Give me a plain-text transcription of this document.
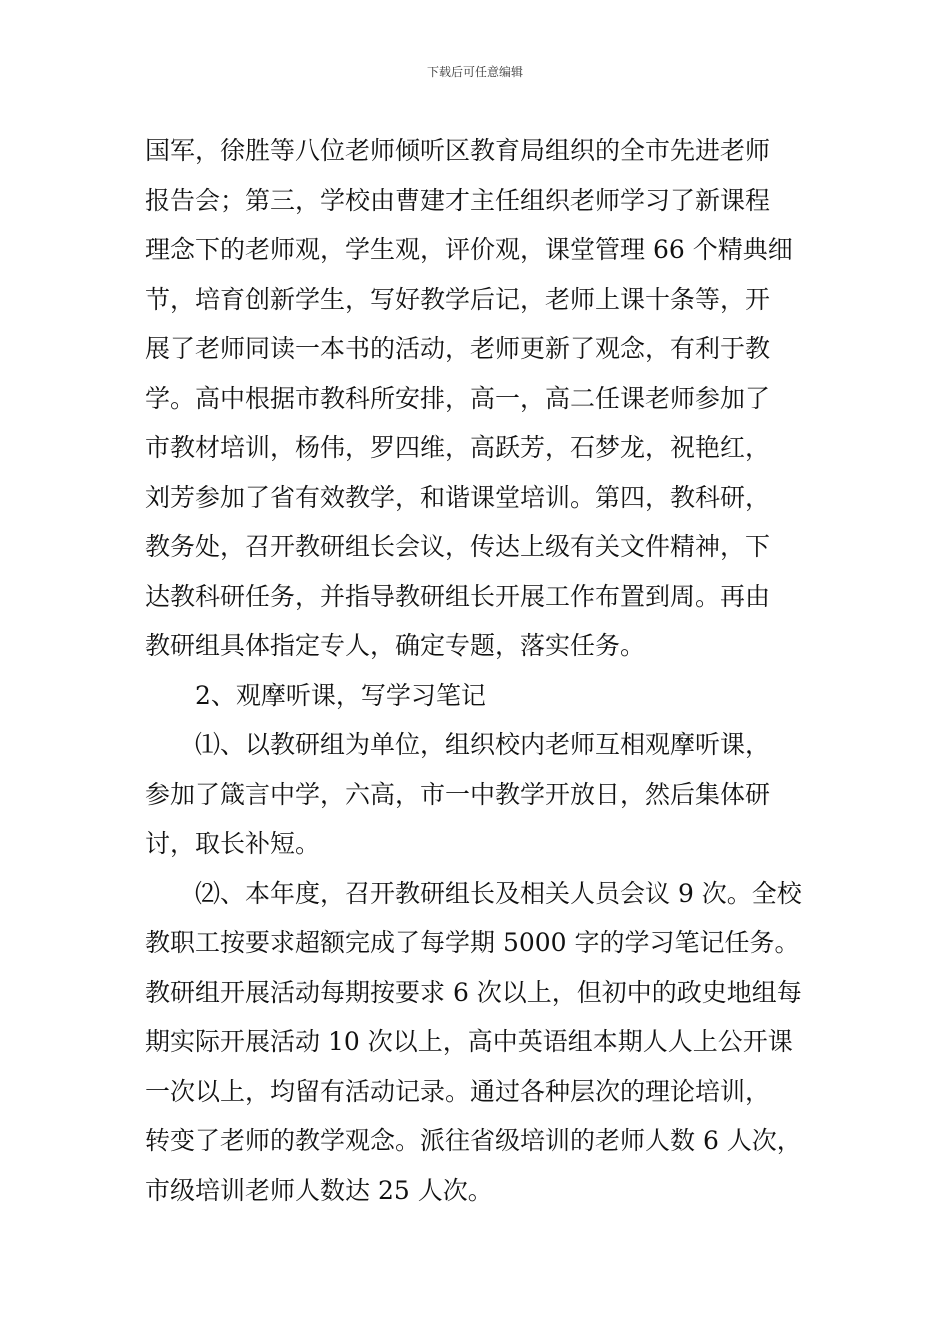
下载后可任意编辑
国军，徐胜等八位老师倾听区教育局组织的全市先进老师
报告会；第三，学校由曹建才主任组织老师学习了新课程
理念下的老师观，学生观，评价观，课堂管理 66 个精典细
节，培育创新学生，写好教学后记，老师上课十条等，开
展了老师同读一本书的活动，老师更新了观念，有利于教
学。高中根据市教科所安排，高一，高二任课老师参加了
市教材培训，杨伟，罗四维，高跃芳，石梦龙，祝艳红，
刘芳参加了省有效教学，和谐课堂培训。第四，教科研，
教务处，召开教研组长会议，传达上级有关文件精神，下
达教科研任务，并指导教研组长开展工作布置到周。再由
教研组具体指定专人，确定专题，落实任务。
2、观摩听课，写学习笔记
⑴、以教研组为单位，组织校内老师互相观摩听课，
参加了箴言中学，六高，市一中教学开放日，然后集体研
讨，取长补短。
⑵、本年度，召开教研组长及相关人员会议 9 次。全校
教职工按要求超额完成了每学期 5000 字的学习笔记任务。
教研组开展活动每期按要求 6 次以上，但初中的政史地组每
期实际开展活动 10 次以上，高中英语组本期人人上公开课
一次以上，均留有活动记录。通过各种层次的理论培训，
转变了老师的教学观念。派往省级培训的老师人数 6 人次，
市级培训老师人数达 25 人次。
